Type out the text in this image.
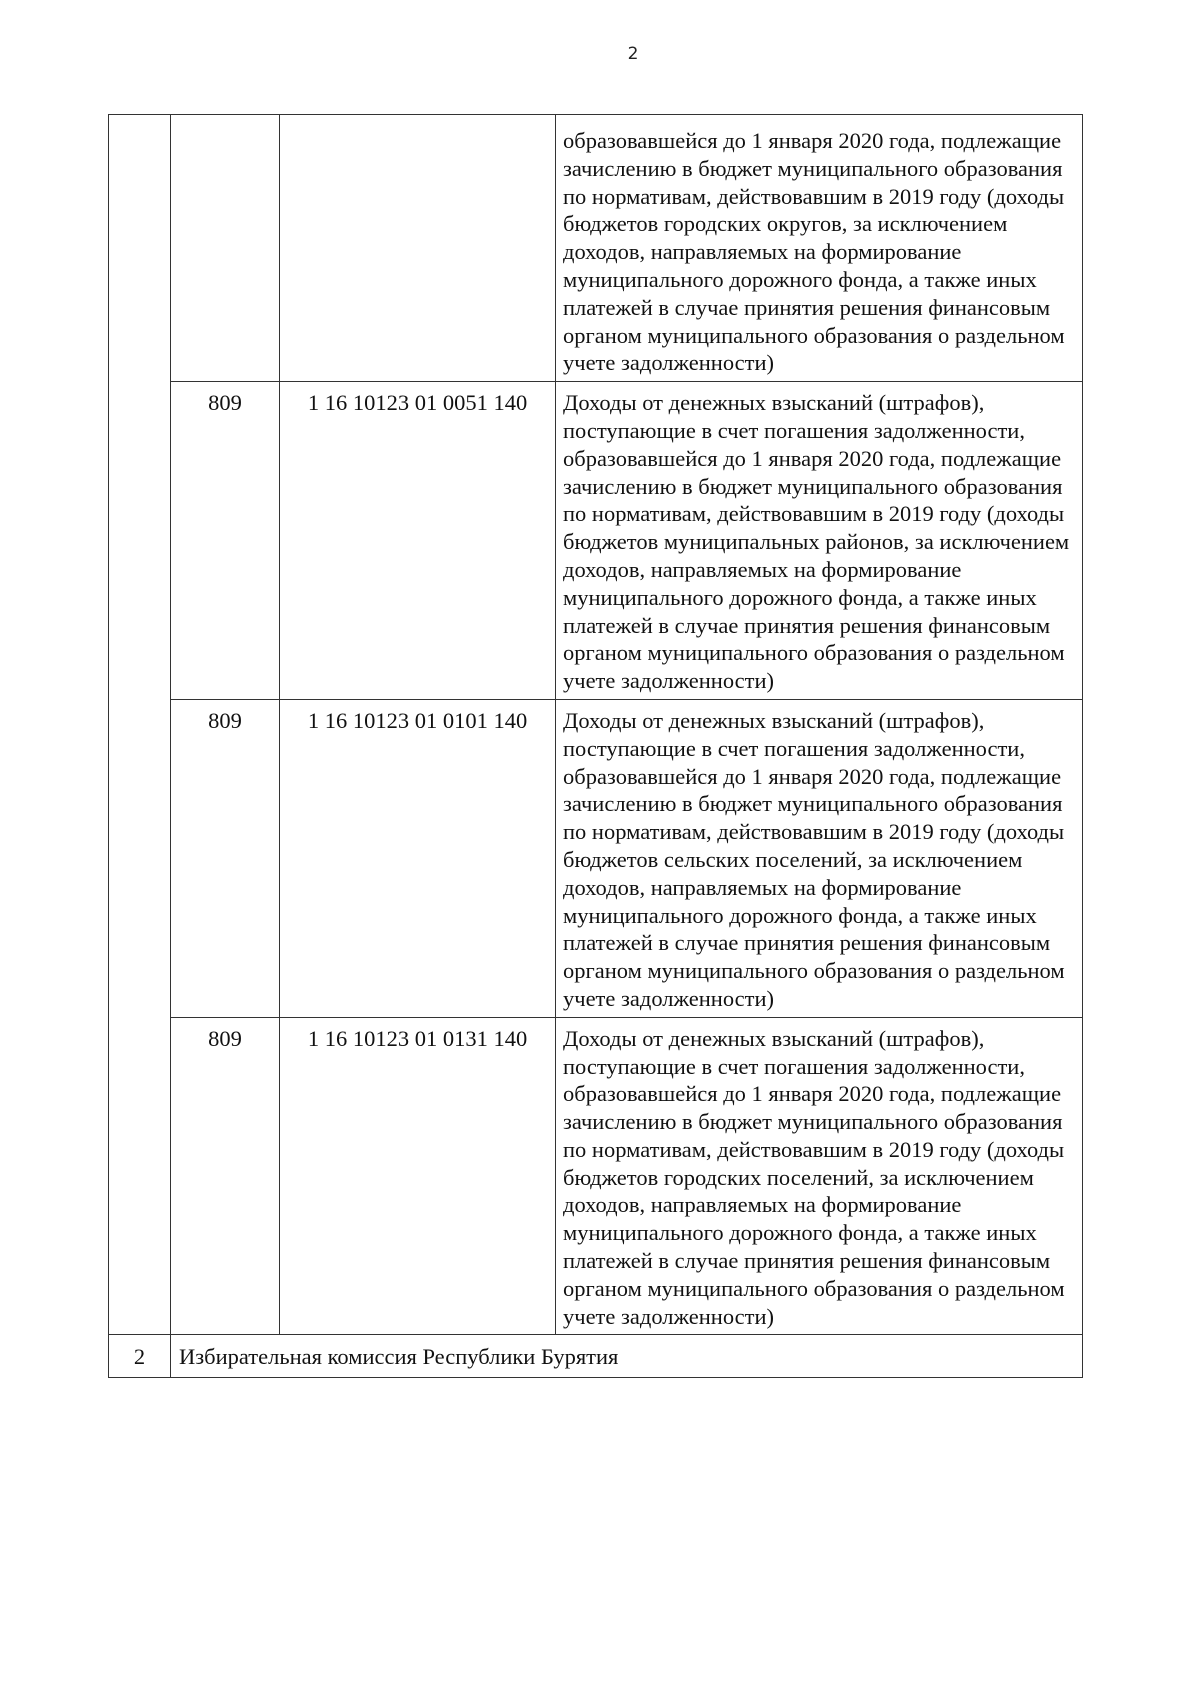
2

			образовавшейся до 1 января 2020 года, подлежащие зачислению в бюджет муниципального образования по нормативам, действовавшим в 2019 году (доходы бюджетов городских округов, за исключением доходов, направляемых на формирование муниципального дорожного фонда, а также иных платежей в случае принятия решения финансовым органом муниципального образования о раздельном учете задолженности)

	809	1 16 10123 01 0051 140	Доходы от денежных взысканий (штрафов), поступающие в счет погашения задолженности, образовавшейся до 1 января 2020 года, подлежащие зачислению в бюджет муниципального образования по нормативам, действовавшим в 2019 году (доходы бюджетов муниципальных районов, за исключением доходов, направляемых на формирование муниципального дорожного фонда, а также иных платежей в случае принятия решения финансовым органом муниципального образования о раздельном учете задолженности)

	809	1 16 10123 01 0101 140	Доходы от денежных взысканий (штрафов), поступающие в счет погашения задолженности, образовавшейся до 1 января 2020 года, подлежащие зачислению в бюджет муниципального образования по нормативам, действовавшим в 2019 году (доходы бюджетов сельских поселений, за исключением доходов, направляемых на формирование муниципального дорожного фонда, а также иных платежей в случае принятия решения финансовым органом муниципального образования о раздельном учете задолженности)

	809	1 16 10123 01 0131 140	Доходы от денежных взысканий (штрафов), поступающие в счет погашения задолженности, образовавшейся до 1 января 2020 года, подлежащие зачислению в бюджет муниципального образования по нормативам, действовавшим в 2019 году (доходы бюджетов городских поселений, за исключением доходов, направляемых на формирование муниципального дорожного фонда, а также иных платежей в случае принятия решения финансовым органом муниципального образования о раздельном учете задолженности)

2	Избирательная комиссия Республики Бурятия		
